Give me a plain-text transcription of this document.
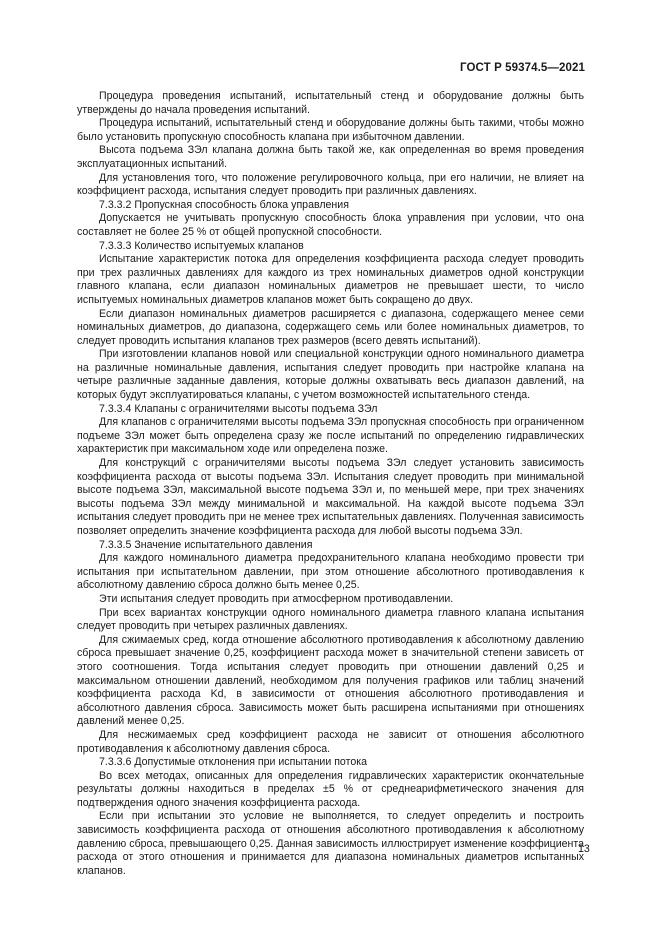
ГОСТ Р 59374.5—2021

Процедура проведения испытаний, испытательный стенд и оборудование должны быть утверждены до начала проведения испытаний.

Процедура испытаний, испытательный стенд и оборудование должны быть такими, чтобы можно было установить пропускную способность клапана при избыточном давлении.

Высота подъема ЗЭл клапана должна быть такой же, как определенная во время проведения эксплуатационных испытаний.

Для установления того, что положение регулировочного кольца, при его наличии, не влияет на коэффициент расхода, испытания следует проводить при различных давлениях.

7.3.3.2 Пропускная способность блока управления

Допускается не учитывать пропускную способность блока управления при условии, что она составляет не более 25 % от общей пропускной способности.

7.3.3.3 Количество испытуемых клапанов

Испытание характеристик потока для определения коэффициента расхода следует проводить при трех различных давлениях для каждого из трех номинальных диаметров одной конструкции главного клапана, если диапазон номинальных диаметров не превышает шести, то число испытуемых номинальных диаметров клапанов может быть сокращено до двух.

Если диапазон номинальных диаметров расширяется с диапазона, содержащего менее семи номинальных диаметров, до диапазона, содержащего семь или более номинальных диаметров, то следует проводить испытания клапанов трех размеров (всего девять испытаний).

При изготовлении клапанов новой или специальной конструкции одного номинального диаметра на различные номинальные давления, испытания следует проводить при настройке клапана на четыре различные заданные давления, которые должны охватывать весь диапазон давлений, на которых будут эксплуатироваться клапаны, с учетом возможностей испытательного стенда.

7.3.3.4 Клапаны с ограничителями высоты подъема ЗЭл

Для клапанов с ограничителями высоты подъема ЗЭл пропускная способность при ограниченном подъеме ЗЭл может быть определена сразу же после испытаний по определению гидравлических характеристик при максимальном ходе или определена позже.

Для конструкций с ограничителями высоты подъема ЗЭл следует установить зависимость коэффициента расхода от высоты подъема ЗЭл. Испытания следует проводить при минимальной высоте подъема ЗЭл, максимальной высоте подъема ЗЭл и, по меньшей мере, при трех значениях высоты подъема ЗЭл между минимальной и максимальной. На каждой высоте подъема ЗЭл испытания следует проводить при не менее трех испытательных давлениях. Полученная зависимость позволяет определить значение коэффициента расхода для любой высоты подъема ЗЭл.

7.3.3.5 Значение испытательного давления

Для каждого номинального диаметра предохранительного клапана необходимо провести три испытания при испытательном давлении, при этом отношение абсолютного противодавления к абсолютному давлению сброса должно быть менее 0,25.

Эти испытания следует проводить при атмосферном противодавлении.

При всех вариантах конструкции одного номинального диаметра главного клапана испытания следует проводить при четырех различных давлениях.

Для сжимаемых сред, когда отношение абсолютного противодавления к абсолютному давлению сброса превышает значение 0,25, коэффициент расхода может в значительной степени зависеть от этого соотношения. Тогда испытания следует проводить при отношении давлений 0,25 и максимальном отношении давлений, необходимом для получения графиков или таблиц значений коэффициента расхода Kd, в зависимости от отношения абсолютного противодавления и абсолютного давления сброса. Зависимость может быть расширена испытаниями при отношениях давлений менее 0,25.

Для несжимаемых сред коэффициент расхода не зависит от отношения абсолютного противодавления к абсолютному давления сброса.

7.3.3.6 Допустимые отклонения при испытании потока

Во всех методах, описанных для определения гидравлических характеристик окончательные результаты должны находиться в пределах ±5 % от среднеарифметического значения для подтверждения одного значения коэффициента расхода.

Если при испытании это условие не выполняется, то следует определить и построить зависимость коэффициента расхода от отношения абсолютного противодавления к абсолютному давлению сброса, превышающего 0,25. Данная зависимость иллюстрирует изменение коэффициента расхода от этого отношения и принимается для диапазона номинальных диаметров испытанных клапанов.

13
